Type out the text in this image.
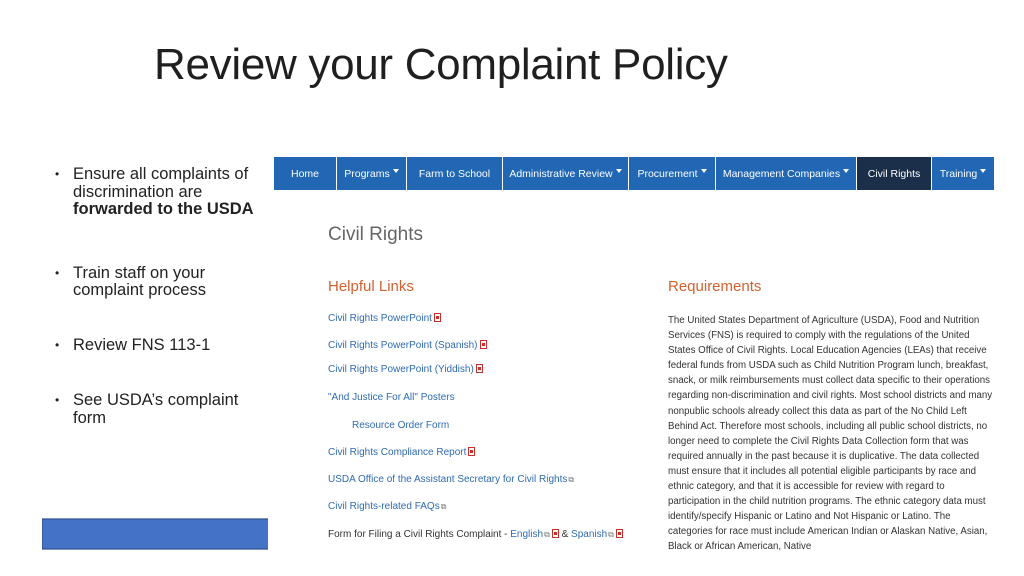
Review your Complaint Policy
• Ensure all complaints of discrimination are forwarded to the USDA
• Train staff on your complaint process
• Review FNS 113-1
• See USDA’s complaint form
Home Programs	Farm to School Administrative Review Procurement Management Companies	Civil Rights Training
Civil Rights
Helpful Links	Requirements
Civil Rights PowerPoint
Civil Rights PowerPoint (Spanish)
Civil Rights PowerPoint (Yiddish)
"And Justice For All" Posters
Resource Order Form
Civil Rights Compliance Report
USDA Office of the Assistant Secretary for Civil Rights⧉
Civil Rights-related FAQs⧉
Form for Filing a Civil Rights Complaint - English⧉ & Spanish⧉

The United States Department of Agriculture (USDA), Food and Nutrition Services (FNS) is required to comply with the regulations of the United States Office of Civil Rights. Local Education Agencies (LEAs) that receive federal funds from USDA such as Child Nutrition Program lunch, breakfast, snack, or milk reimbursements must collect data specific to their operations regarding non-discrimination and civil rights. Most school districts and many nonpublic schools already collect this data as part of the No Child Left Behind Act. Therefore most schools, including all public school districts, no longer need to complete the Civil Rights Data Collection form that was required annually in the past because it is duplicative. The data collected must ensure that it includes all potential eligible participants by race and ethnic category, and that it is accessible for review with regard to participation in the child nutrition programs. The ethnic category data must identify/specify Hispanic or Latino and Not Hispanic or Latino. The categories for race must include American Indian or Alaskan Native, Asian, Black or African American, Native
